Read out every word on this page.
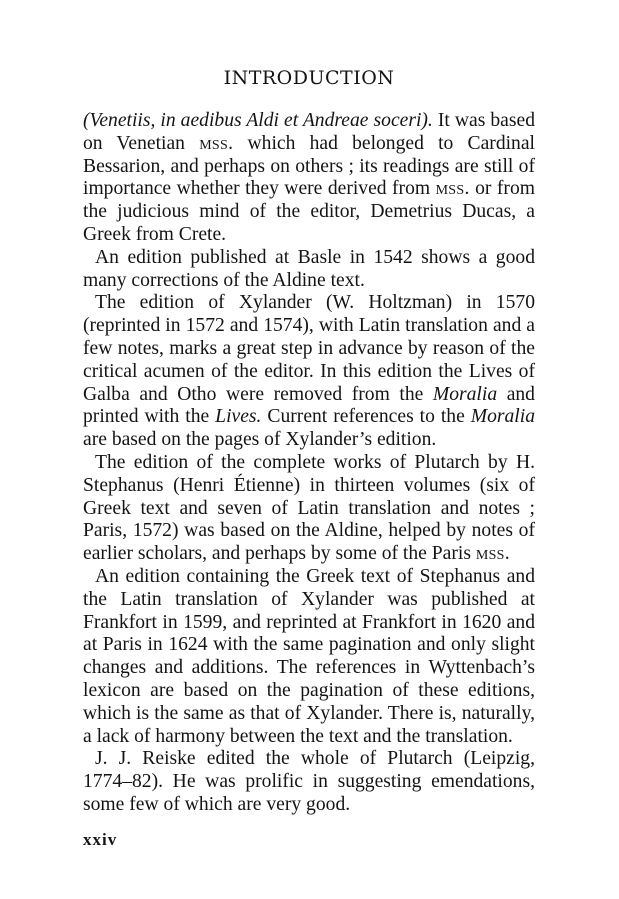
INTRODUCTION

(Venetiis, in aedibus Aldi et Andreae soceri). It was based on Venetian mss. which had belonged to Cardinal Bessarion, and perhaps on others ; its readings are still of importance whether they were derived from mss. or from the judicious mind of the editor, Demetrius Ducas, a Greek from Crete.

An edition published at Basle in 1542 shows a good many corrections of the Aldine text.

The edition of Xylander (W. Holtzman) in 1570 (reprinted in 1572 and 1574), with Latin translation and a few notes, marks a great step in advance by reason of the critical acumen of the editor. In this edition the Lives of Galba and Otho were removed from the Moralia and printed with the Lives. Current references to the Moralia are based on the pages of Xylander’s edition.

The edition of the complete works of Plutarch by H. Stephanus (Henri Étienne) in thirteen volumes (six of Greek text and seven of Latin translation and notes ; Paris, 1572) was based on the Aldine, helped by notes of earlier scholars, and perhaps by some of the Paris mss.

An edition containing the Greek text of Stephanus and the Latin translation of Xylander was published at Frankfort in 1599, and reprinted at Frankfort in 1620 and at Paris in 1624 with the same pagination and only slight changes and additions. The references in Wyttenbach’s lexicon are based on the pagination of these editions, which is the same as that of Xylander. There is, naturally, a lack of harmony between the text and the translation.

J. J. Reiske edited the whole of Plutarch (Leipzig, 1774–82). He was prolific in suggesting emendations, some few of which are very good.

xxiv
